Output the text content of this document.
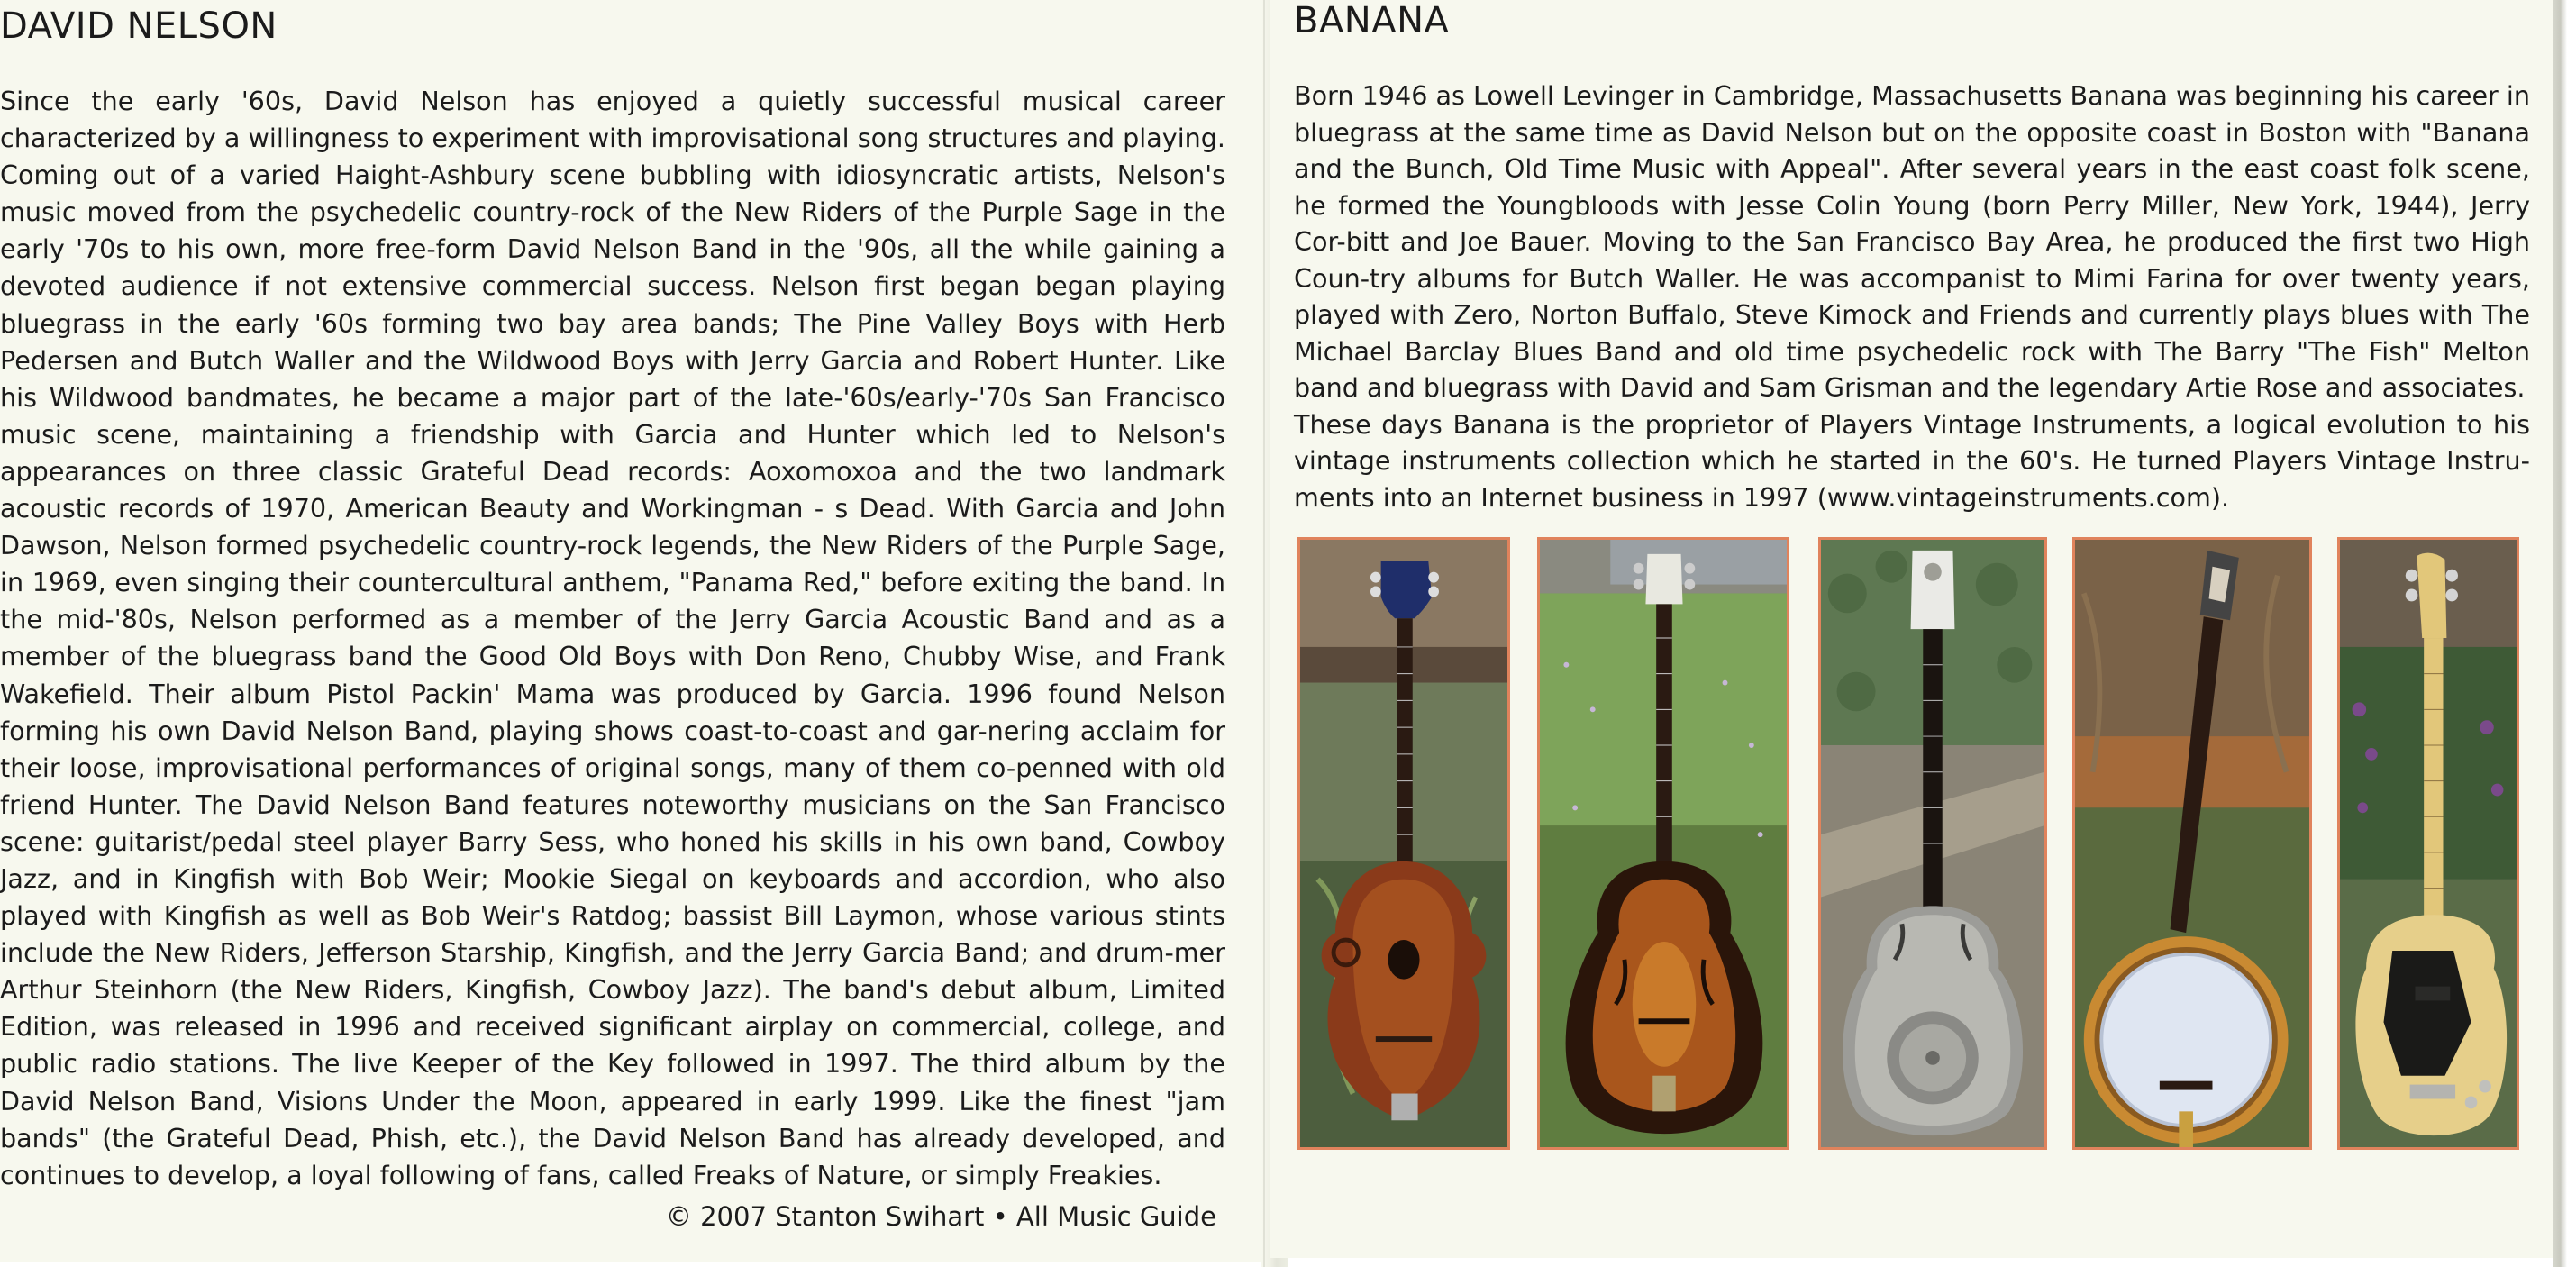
DAVID NELSON

Since the early '60s, David Nelson has enjoyed a quietly successful musical career characterized by a willingness to experiment with improvisational song structures and playing. Coming out of a varied Haight-Ashbury scene bubbling with idiosyncratic artists, Nelson's music moved from the psychedelic country-rock of the New Riders of the Purple Sage in the early '70s to his own, more free-form David Nelson Band in the '90s, all the while gaining a devoted audience if not extensive commercial success. Nelson first began began playing bluegrass in the early '60s forming two bay area bands; The Pine Valley Boys with Herb Pedersen and Butch Waller and the Wildwood Boys with Jerry Garcia and Robert Hunter. Like his Wildwood bandmates, he became a major part of the late-'60s/early-'70s San Francisco music scene, maintaining a friendship with Garcia and Hunter which led to Nelson's appearances on three classic Grateful Dead records: Aoxomoxoa and the two landmark acoustic records of 1970, American Beauty and Workingman - s Dead. With Garcia and John Dawson, Nelson formed psychedelic country-rock legends, the New Riders of the Purple Sage, in 1969, even singing their countercultural anthem, "Panama Red," before exiting the band. In the mid-'80s, Nelson performed as a member of the Jerry Garcia Acoustic Band and as a member of the bluegrass band the Good Old Boys with Don Reno, Chubby Wise, and Frank Wakefield. Their album Pistol Packin' Mama was produced by Garcia. 1996 found Nelson forming his own David Nelson Band, playing shows coast-to-coast and gar-nering acclaim for their loose, improvisational performances of original songs, many of them co-penned with old friend Hunter. The David Nelson Band features noteworthy musicians on the San Francisco scene: guitarist/pedal steel player Barry Sess, who honed his skills in his own band, Cowboy Jazz, and in Kingfish with Bob Weir; Mookie Siegal on keyboards and accordion, who also played with Kingfish as well as Bob Weir's Ratdog; bassist Bill Laymon, whose various stints include the New Riders, Jefferson Starship, Kingfish, and the Jerry Garcia Band; and drum-mer Arthur Steinhorn (the New Riders, Kingfish, Cowboy Jazz). The band's debut album, Limited Edition, was released in 1996 and received significant airplay on commercial, college, and public radio stations. The live Keeper of the Key followed in 1997. The third album by the David Nelson Band, Visions Under the Moon, appeared in early 1999. Like the finest "jam bands" (the Grateful Dead, Phish, etc.), the David Nelson Band has already developed, and continues to develop, a loyal following of fans, called Freaks of Nature, or simply Freakies.

© 2007 Stanton Swihart • All Music Guide
BANANA

Born 1946 as Lowell Levinger in Cambridge, Massachusetts Banana was beginning his career in bluegrass at the same time as David Nelson but on the opposite coast in Boston with "Banana and the Bunch, Old Time Music with Appeal". After several years in the east coast folk scene, he formed the Youngbloods with Jesse Colin Young (born Perry Miller, New York, 1944), Jerry Cor-bitt and Joe Bauer. Moving to the San Francisco Bay Area, he produced the first two High Coun-try albums for Butch Waller. He was accompanist to Mimi Farina for over twenty years, played with Zero, Norton Buffalo, Steve Kimock and Friends and currently plays blues with The Michael Barclay Blues Band and old time psychedelic rock with The Barry "The Fish" Melton band and bluegrass with David and Sam Grisman and the legendary Artie Rose and associates.

These days Banana is the proprietor of Players Vintage Instruments, a logical evolution to his vintage instruments collection which he started in the 60's. He turned Players Vintage Instru-ments into an Internet business in 1997 (www.vintageinstruments.com).
